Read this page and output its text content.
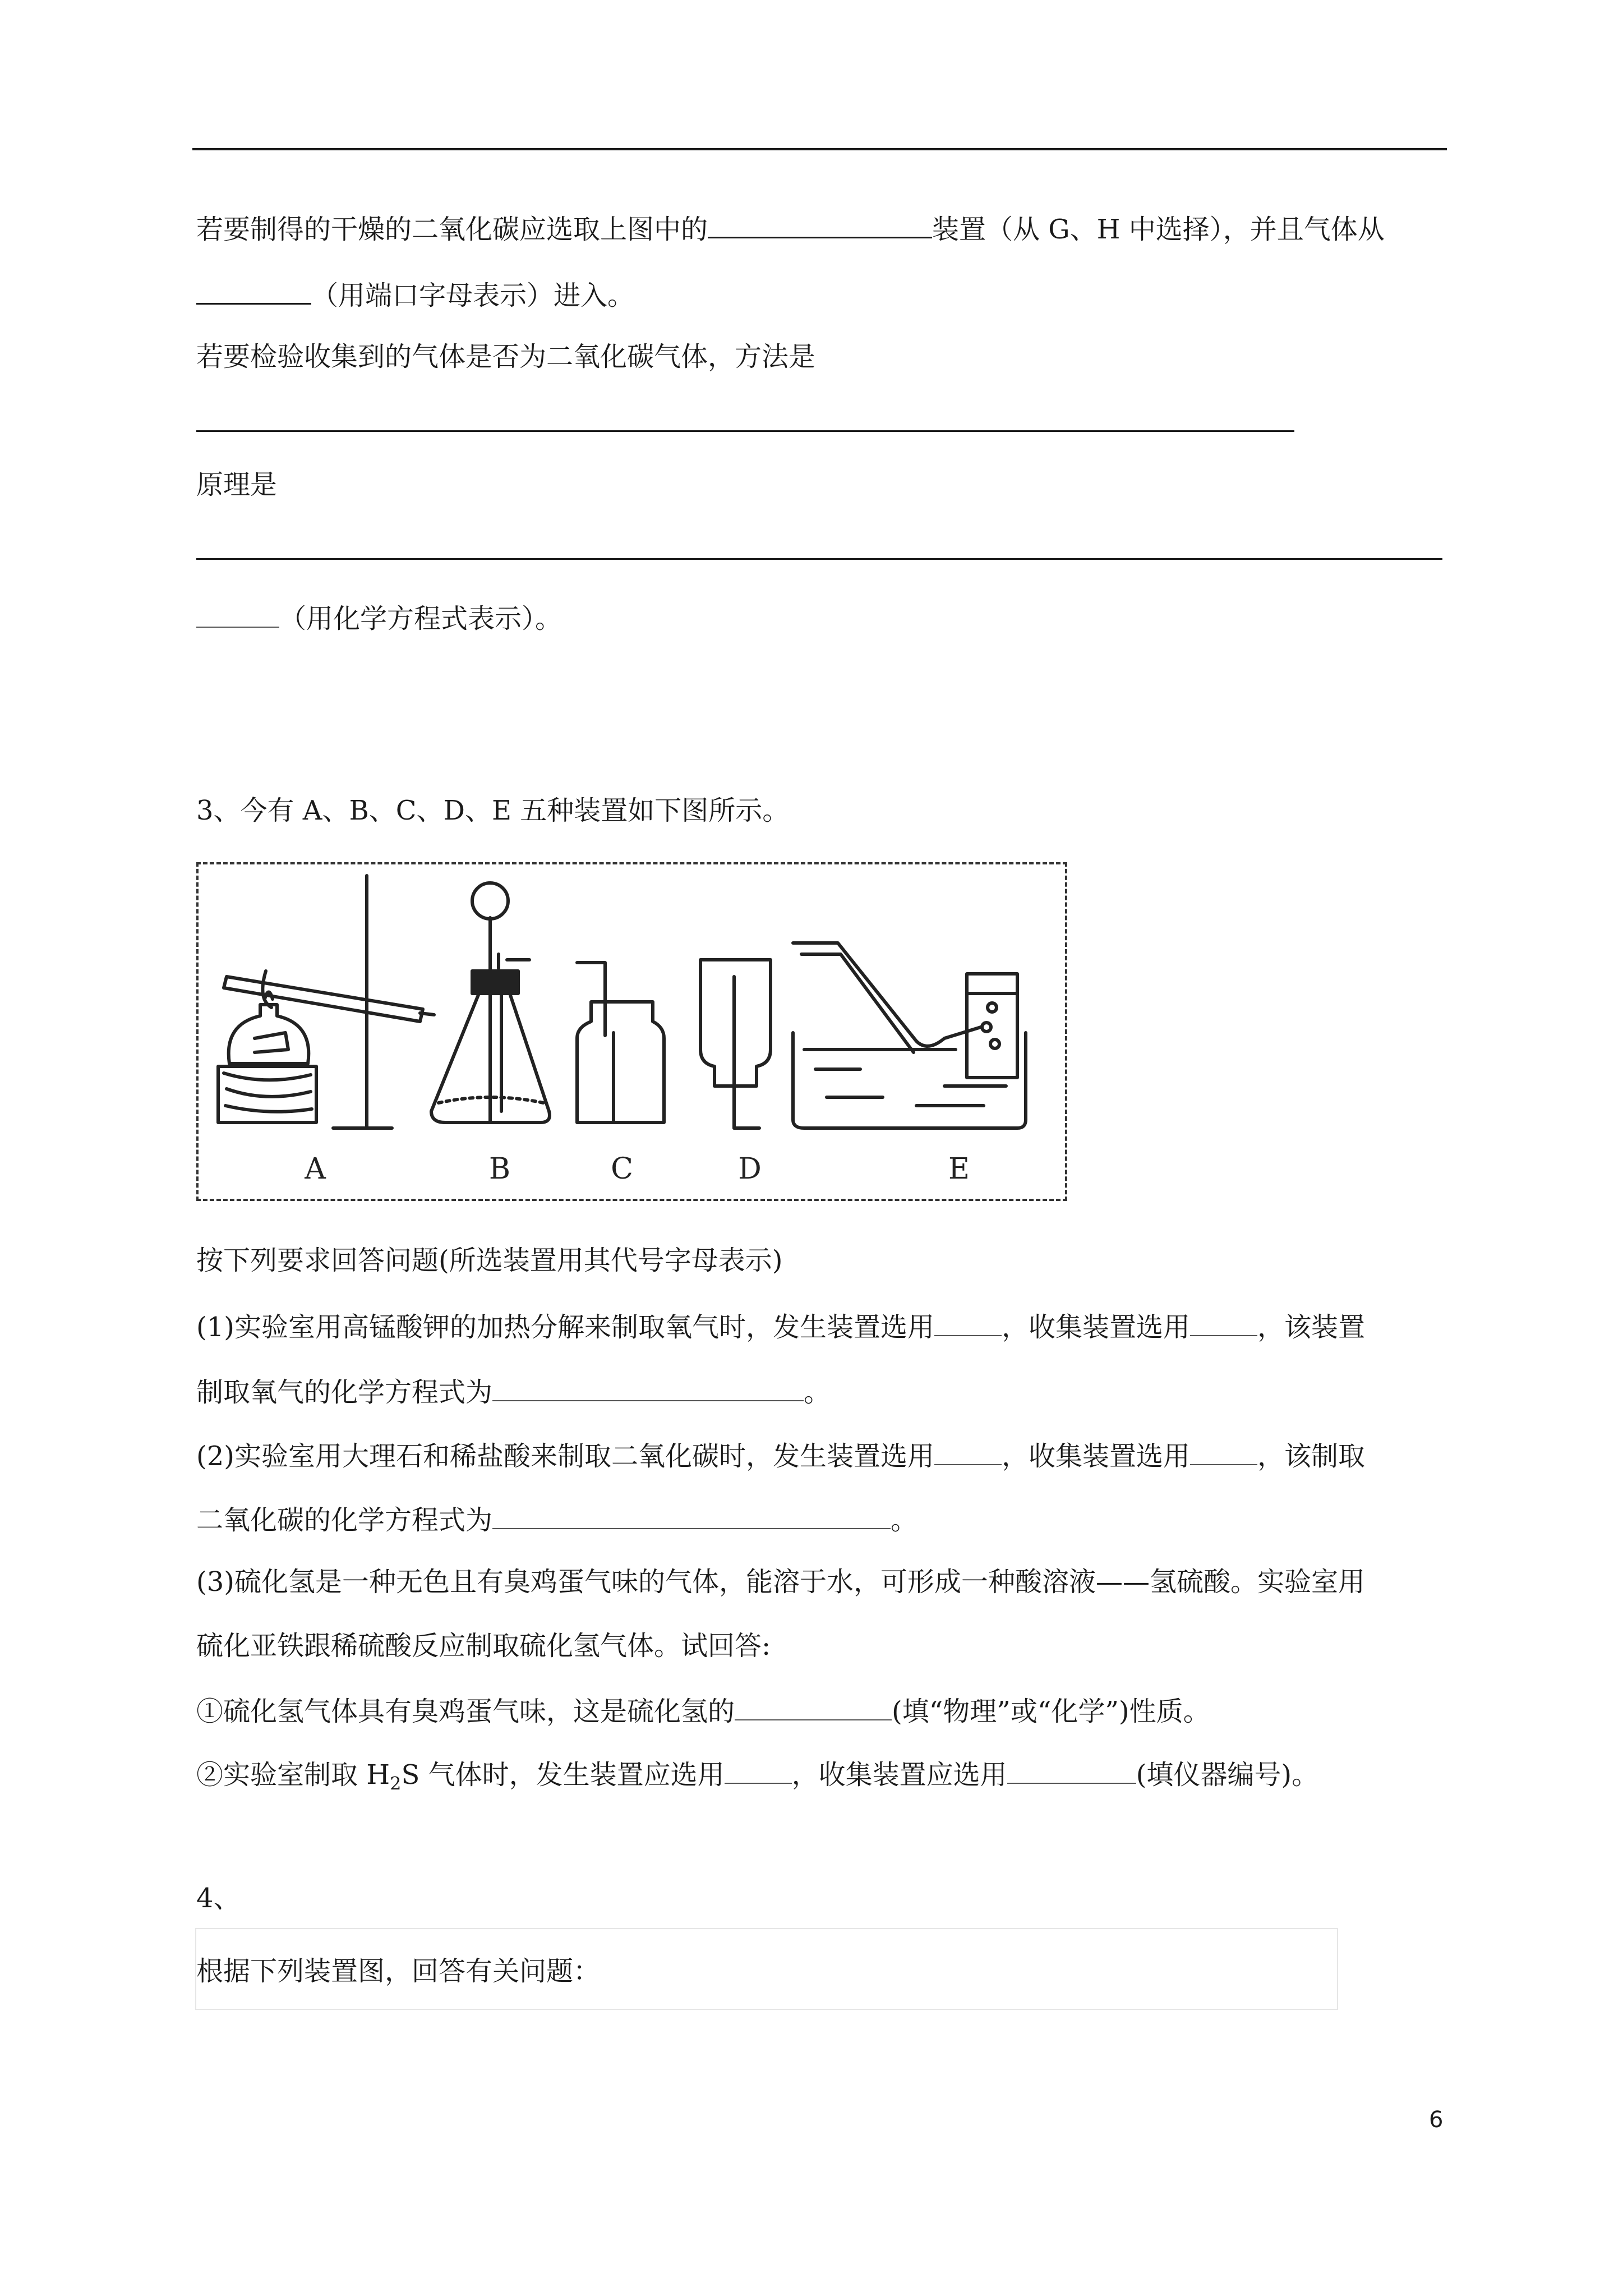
若要制得的干燥的二氧化碳应选取上图中的	装置（从 G、H 中选择），并且气体从
（用端口字母表示）进入。
若要检验收集到的气体是否为二氧化碳气体，方法是
原理是
（用化学方程式表示）。
3、今有 A、B、C、D、E 五种装置如下图所示。
A	B	C	D	E
按下列要求回答问题(所选装置用其代号字母表示)
(1)实验室用高锰酸钾的加热分解来制取氧气时，发生装置选用	，收集装置选用	，该装置
制取氧气的化学方程式为	。
(2)实验室用大理石和稀盐酸来制取二氧化碳时，发生装置选用	，收集装置选用	，该制取
二氧化碳的化学方程式为	。
(3)硫化氢是一种无色且有臭鸡蛋气味的气体，能溶于水，可形成一种酸溶液——氢硫酸。实验室用
硫化亚铁跟稀硫酸反应制取硫化氢气体。试回答:
①硫化氢气体具有臭鸡蛋气味，这是硫化氢的	(填“物理”或“化学”)性质。
②实验室制取 $H_2S$ 气体时，发生装置应选用	，收集装置应选用	(填仪器编号)。
4、
根据下列装置图，回答有关问题：
6
